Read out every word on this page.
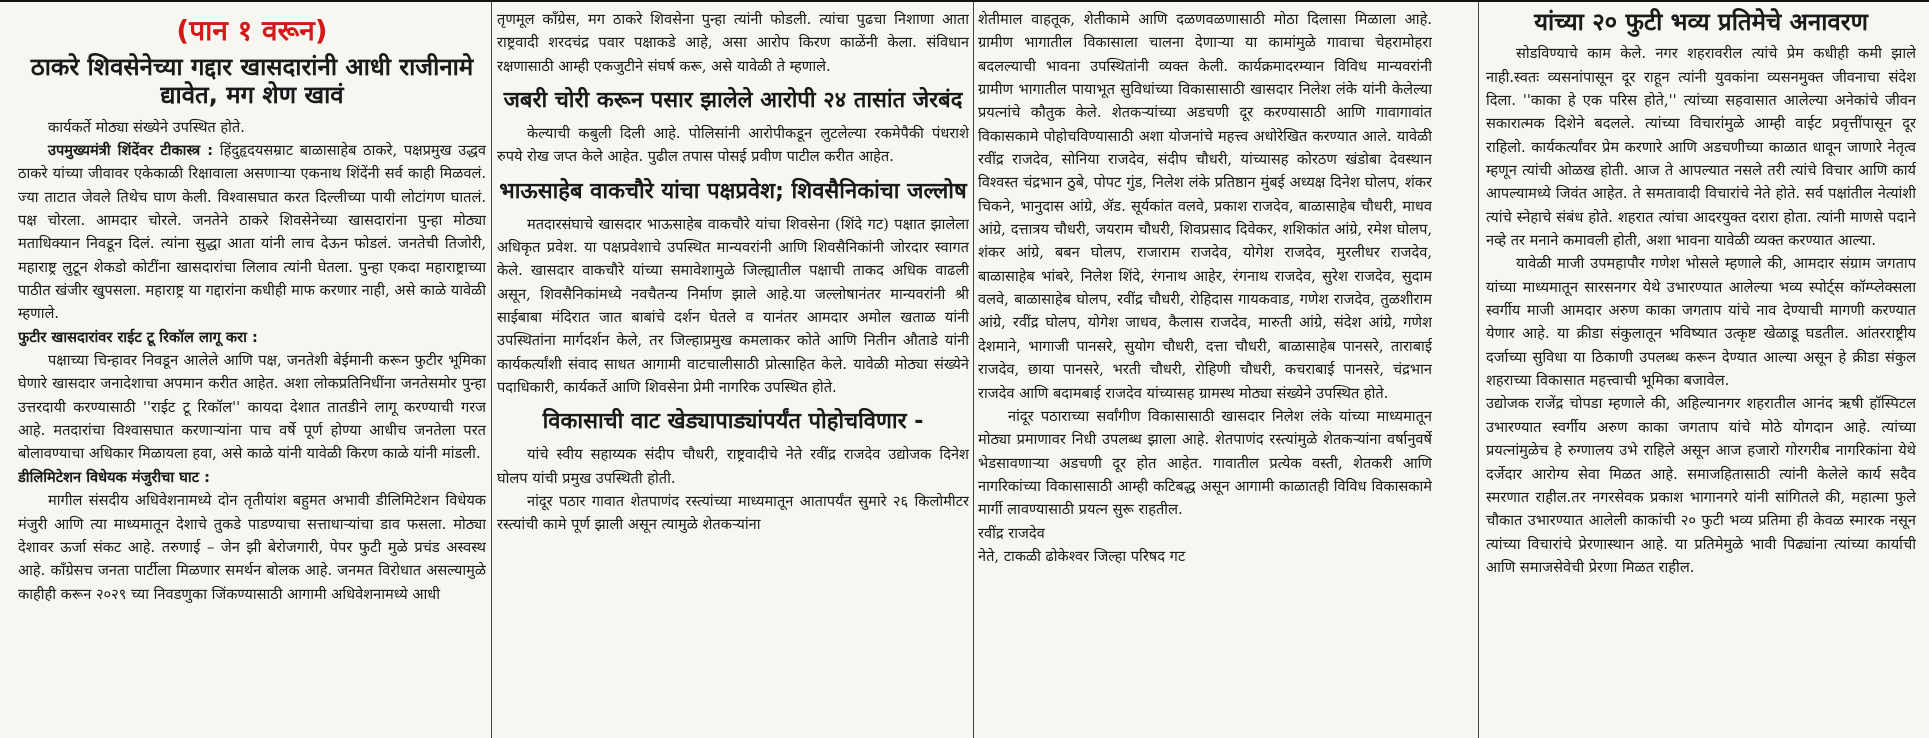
(पान १ वरून)
ठाकरे शिवसेनेच्या गद्दार खासदारांनी आधी राजीनामे द्यावेत, मग शेण खावं

कार्यकर्ते मोठ्या संख्येने उपस्थित होते.

उपमुख्यमंत्री शिंदेंवर टीकास्त्र : हिंदुहृदयसम्राट बाळासाहेब ठाकरे, पक्षप्रमुख उद्धव ठाकरे यांच्या जीवावर एकेकाळी रिक्षावाला असणाऱ्या एकनाथ शिंदेंनी सर्व काही मिळवलं. ज्या ताटात जेवले तिथेच घाण केली. विश्वासघात करत दिल्लीच्या पायी लोटांगण घातलं. पक्ष चोरला. आमदार चोरले. जनतेने ठाकरे शिवसेनेच्या खासदारांना पुन्हा मोठ्या मताधिक्यान निवडून दिलं. त्यांना सुद्धा आता यांनी लाच देऊन फोडलं. जनतेची तिजोरी, महाराष्ट्र लुटून शेकडो कोटींना खासदारांचा लिलाव त्यांनी घेतला. पुन्हा एकदा महाराष्ट्राच्या पाठीत खंजीर खुपसला. महाराष्ट्र या गद्दारांना कधीही माफ करणार नाही, असे काळे यावेळी म्हणाले.

फुटीर खासदारांवर राईट टू रिकॉल लागू करा :

पक्षाच्या चिन्हावर निवडून आलेले आणि पक्ष, जनतेशी बेईमानी करून फुटीर भूमिका घेणारे खासदार जनादेशाचा अपमान करीत आहेत. अशा लोकप्रतिनिधींना जनतेसमोर पुन्हा उत्तरदायी करण्यासाठी ''राईट टू रिकॉल'' कायदा देशात तातडीने लागू करण्याची गरज आहे. मतदारांचा विश्वासघात करणाऱ्यांना पाच वर्षे पूर्ण होण्या आधीच जनतेला परत बोलावण्याचा अधिकार मिळायला हवा, असे काळे यांनी यावेळी किरण काळे यांनी मांडली.

डीलिमिटेशन विधेयक मंजुरीचा घाट :

मागील संसदीय अधिवेशनामध्ये दोन तृतीयांश बहुमत अभावी डीलिमिटेशन विधेयक मंजुरी आणि त्या माध्यमातून देशाचे तुकडे पाडण्याचा सत्ताधाऱ्यांचा डाव फसला. मोठ्या देशावर ऊर्जा संकट आहे. तरुणाई – जेन झी बेरोजगारी, पेपर फुटी मुळे प्रचंड अस्वस्थ आहे. काँग्रेसच जनता पार्टीला मिळणार समर्थन बोलक आहे. जनमत विरोधात असल्यामुळे काहीही करून २०२९ च्या निवडणुका जिंकण्यासाठी आगामी अधिवेशनामध्ये आधी

तृणमूल काँग्रेस, मग ठाकरे शिवसेना पुन्हा त्यांनी फोडली. त्यांचा पुढचा निशाणा आता राष्ट्रवादी शरदचंद्र पवार पक्षाकडे आहे, असा आरोप किरण काळेंनी केला. संविधान रक्षणासाठी आम्ही एकजुटीने संघर्ष करू, असे यावेळी ते म्हणाले.

जबरी चोरी करून पसार झालेले आरोपी २४ तासांत जेरबंद

केल्याची कबुली दिली आहे. पोलिसांनी आरोपीकडून लुटलेल्या रकमेपैकी पंधराशे रुपये रोख जप्त केले आहेत. पुढील तपास पोसई प्रवीण पाटील करीत आहेत.

भाऊसाहेब वाकचौरे यांचा पक्षप्रवेश; शिवसैनिकांचा जल्लोष

मतदारसंघाचे खासदार भाऊसाहेब वाकचौरे यांचा शिवसेना (शिंदे गट) पक्षात झालेला अधिकृत प्रवेश. या पक्षप्रवेशाचे उपस्थित मान्यवरांनी आणि शिवसैनिकांनी जोरदार स्वागत केले. खासदार वाकचौरे यांच्या समावेशामुळे जिल्ह्यातील पक्षाची ताकद अधिक वाढली असून, शिवसैनिकांमध्ये नवचैतन्य निर्माण झाले आहे.या जल्लोषानंतर मान्यवरांनी श्री साईबाबा मंदिरात जात बाबांचे दर्शन घेतले व यानंतर आमदार अमोल खताळ यांनी उपस्थितांना मार्गदर्शन केले, तर जिल्हाप्रमुख कमलाकर कोते आणि नितीन औताडे यांनी कार्यकर्त्यांशी संवाद साधत आगामी वाटचालीसाठी प्रोत्साहित केले. यावेळी मोठ्या संख्येने पदाधिकारी, कार्यकर्ते आणि शिवसेना प्रेमी नागरिक उपस्थित होते.

विकासाची वाट खेड्यापाड्यांपर्यंत पोहोचविणार -

यांचे स्वीय सहाय्यक संदीप चौधरी, राष्ट्रवादीचे नेते रवींद्र राजदेव उद्योजक दिनेश घोलप यांची प्रमुख उपस्थिती होती.

नांदूर पठार गावात शेतपाणंद रस्त्यांच्या माध्यमातून आतापर्यंत सुमारे २६ किलोमीटर रस्त्यांची कामे पूर्ण झाली असून त्यामुळे शेतकऱ्यांना

शेतीमाल वाहतूक, शेतीकामे आणि दळणवळणासाठी मोठा दिलासा मिळाला आहे. ग्रामीण भागातील विकासाला चालना देणाऱ्या या कामांमुळे गावाचा चेहरामोहरा बदलल्याची भावना उपस्थितांनी व्यक्त केली. कार्यक्रमादरम्यान विविध मान्यवरांनी ग्रामीण भागातील पायाभूत सुविधांच्या विकासासाठी खासदार निलेश लंके यांनी केलेल्या प्रयत्नांचे कौतुक केले. शेतकऱ्यांच्या अडचणी दूर करण्यासाठी आणि गावागावांत विकासकामे पोहोचविण्यासाठी अशा योजनांचे महत्त्व अधोरेखित करण्यात आले. यावेळी रवींद्र राजदेव, सोनिया राजदेव, संदीप चौधरी, यांच्यासह कोरठण खंडोबा देवस्थान विश्वस्त चंद्रभान ठुबे, पोपट गुंड, निलेश लंके प्रतिष्ठान मुंबई अध्यक्ष दिनेश घोलप, शंकर चिकने, भानुदास आंग्रे, ॲड. सूर्यकांत वलवे, प्रकाश राजदेव, बाळासाहेब चौधरी, माधव आंग्रे, दत्तात्रय चौधरी, जयराम चौधरी, शिवप्रसाद दिवेकर, शशिकांत आंग्रे, रमेश घोलप, शंकर आंग्रे, बबन घोलप, राजाराम राजदेव, योगेश राजदेव, मुरलीधर राजदेव, बाळासाहेब भांबरे, निलेश शिंदे, रंगनाथ आहेर, रंगनाथ राजदेव, सुरेश राजदेव, सुदाम वलवे, बाळासाहेब घोलप, रवींद्र चौधरी, रोहिदास गायकवाड, गणेश राजदेव, तुळशीराम आंग्रे, रवींद्र घोलप, योगेश जाधव, कैलास राजदेव, मारुती आंग्रे, संदेश आंग्रे, गणेश देशमाने, भागाजी पानसरे, सुयोग चौधरी, दत्ता चौधरी, बाळासाहेब पानसरे, ताराबाई राजदेव, छाया पानसरे, भरती चौधरी, रोहिणी चौधरी, कचराबाई पानसरे, चंद्रभान राजदेव आणि बदामबाई राजदेव यांच्यासह ग्रामस्थ मोठ्या संख्येने उपस्थित होते.

नांदूर पठाराच्या सर्वांगीण विकासासाठी खासदार निलेश लंके यांच्या माध्यमातून मोठ्या प्रमाणावर निधी उपलब्ध झाला आहे. शेतपाणंद रस्त्यांमुळे शेतकऱ्यांना वर्षानुवर्षे भेडसावणाऱ्या अडचणी दूर होत आहेत. गावातील प्रत्येक वस्ती, शेतकरी आणि नागरिकांच्या विकासासाठी आम्ही कटिबद्ध असून आगामी काळातही विविध विकासकामे मार्गी लावण्यासाठी प्रयत्न सुरू राहतील.

रवींद्र राजदेव

नेते, टाकळी ढोकेश्वर जिल्हा परिषद गट

यांच्या २० फुटी भव्य प्रतिमेचे अनावरण

सोडविण्याचे काम केले. नगर शहरावरील त्यांचे प्रेम कधीही कमी झाले नाही.स्वतः व्यसनांपासून दूर राहून त्यांनी युवकांना व्यसनमुक्त जीवनाचा संदेश दिला. ''काका हे एक परिस होते,'' त्यांच्या सहवासात आलेल्या अनेकांचे जीवन सकारात्मक दिशेने बदलले. त्यांच्या विचारांमुळे आम्ही वाईट प्रवृत्तींपासून दूर राहिलो. कार्यकर्त्यांवर प्रेम करणारे आणि अडचणीच्या काळात धावून जाणारे नेतृत्व म्हणून त्यांची ओळख होती. आज ते आपल्यात नसले तरी त्यांचे विचार आणि कार्य आपल्यामध्ये जिवंत आहेत. ते समतावादी विचारांचे नेते होते. सर्व पक्षांतील नेत्यांशी त्यांचे स्नेहाचे संबंध होते. शहरात त्यांचा आदरयुक्त दरारा होता. त्यांनी माणसे पदाने नव्हे तर मनाने कमावली होती, अशा भावना यावेळी व्यक्त करण्यात आल्या.

यावेळी माजी उपमहापौर गणेश भोसले म्हणाले की, आमदार संग्राम जगताप यांच्या माध्यमातून सारसनगर येथे उभारण्यात आलेल्या भव्य स्पोर्ट्स कॉम्प्लेक्सला स्वर्गीय माजी आमदार अरुण काका जगताप यांचे नाव देण्याची मागणी करण्यात येणार आहे. या क्रीडा संकुलातून भविष्यात उत्कृष्ट खेळाडू घडतील. आंतरराष्ट्रीय दर्जाच्या सुविधा या ठिकाणी उपलब्ध करून देण्यात आल्या असून हे क्रीडा संकुल शहराच्या विकासात महत्त्वाची भूमिका बजावेल.

उद्योजक राजेंद्र चोपडा म्हणाले की, अहिल्यानगर शहरातील आनंद ऋषी हॉस्पिटल उभारण्यात स्वर्गीय अरुण काका जगताप यांचे मोठे योगदान आहे. त्यांच्या प्रयत्नांमुळेच हे रुग्णालय उभे राहिले असून आज हजारो गोरगरीब नागरिकांना येथे दर्जेदार आरोग्य सेवा मिळत आहे. समाजहितासाठी त्यांनी केलेले कार्य सदैव स्मरणात राहील.तर नगरसेवक प्रकाश भागानगरे यांनी सांगितले की, महात्मा फुले चौकात उभारण्यात आलेली काकांची २० फुटी भव्य प्रतिमा ही केवळ स्मारक नसून त्यांच्या विचारांचे प्रेरणास्थान आहे. या प्रतिमेमुळे भावी पिढ्यांना त्यांच्या कार्याची आणि समाजसेवेची प्रेरणा मिळत राहील.
